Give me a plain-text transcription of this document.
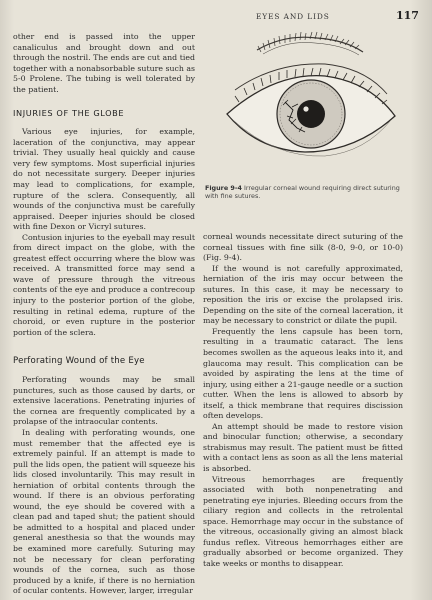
EYES AND LIDS	117
Figure 9-4 Irregular corneal wound requiring direct suturing with fine sutures.

other end is passed into the upper canaliculus and brought down and out through the nostril. The ends are cut and tied together with a nonabsorbable suture such as 5-0 Prolene. The tubing is well tolerated by the patient.

INJURIES OF THE GLOBE

Various eye injuries, for example, laceration of the conjunctiva, may appear trivial. They usually heal quickly and cause very few symptoms. Most superficial injuries do not necessitate surgery. Deeper injuries may lead to complications, for example, rupture of the sclera. Consequently, all wounds of the conjunctiva must be carefully appraised. Deeper injuries should be closed with fine Dexon or Vicryl sutures.

Contusion injuries to the eyeball may result from direct impact on the globe, with the greatest effect occurring where the blow was received. A transmitted force may send a wave of pressure through the vitreous contents of the eye and produce a contrecoup injury to the posterior portion of the globe, resulting in retinal edema, rupture of the choroid, or even rupture in the posterior portion of the sclera.

Perforating Wound of the Eye

Perforating wounds may be small punctures, such as those caused by darts, or extensive lacerations. Penetrating injuries of the cornea are frequently complicated by a prolapse of the intraocular contents.

In dealing with perforating wounds, one must remember that the affected eye is extremely painful. If an attempt is made to pull the lids open, the patient will squeeze his lids closed involuntarily. This may result in herniation of orbital contents through the wound. If there is an obvious perforating wound, the eye should be covered with a clean pad and taped shut; the patient should be admitted to a hospital and placed under general anesthesia so that the wounds may be examined more carefully. Suturing may not be necessary for clean perforating wounds of the cornea, such as those produced by a knife, if there is no herniation of ocular contents. However, larger, irregular

corneal wounds necessitate direct suturing of the corneal tissues with fine silk (8-0, 9-0, or 10-0) (Fig. 9-4).

If the wound is not carefully approximated, herniation of the iris may occur between the sutures. In this case, it may be necessary to reposition the iris or excise the prolapsed iris. Depending on the site of the corneal laceration, it may be necessary to constrict or dilate the pupil.

Frequently the lens capsule has been torn, resulting in a traumatic cataract. The lens becomes swollen as the aqueous leaks into it, and glaucoma may result. This complication can be avoided by aspirating the lens at the time of injury, using either a 21-gauge needle or a suction cutter. When the lens is allowed to absorb by itself, a thick membrane that requires discission often develops.

An attempt should be made to restore vision and binocular function; otherwise, a secondary strabismus may result. The patient must be fitted with a contact lens as soon as all the lens material is absorbed.

Vitreous hemorrhages are frequently associated with both nonpenetrating and penetrating eye injuries. Bleeding occurs from the ciliary region and collects in the retrolental space. Hemorrhage may occur in the substance of the vitreous, occasionally giving an almost black fundus reflex. Vitreous hemorrhages either are gradually absorbed or become organized. They take weeks or months to disappear.
